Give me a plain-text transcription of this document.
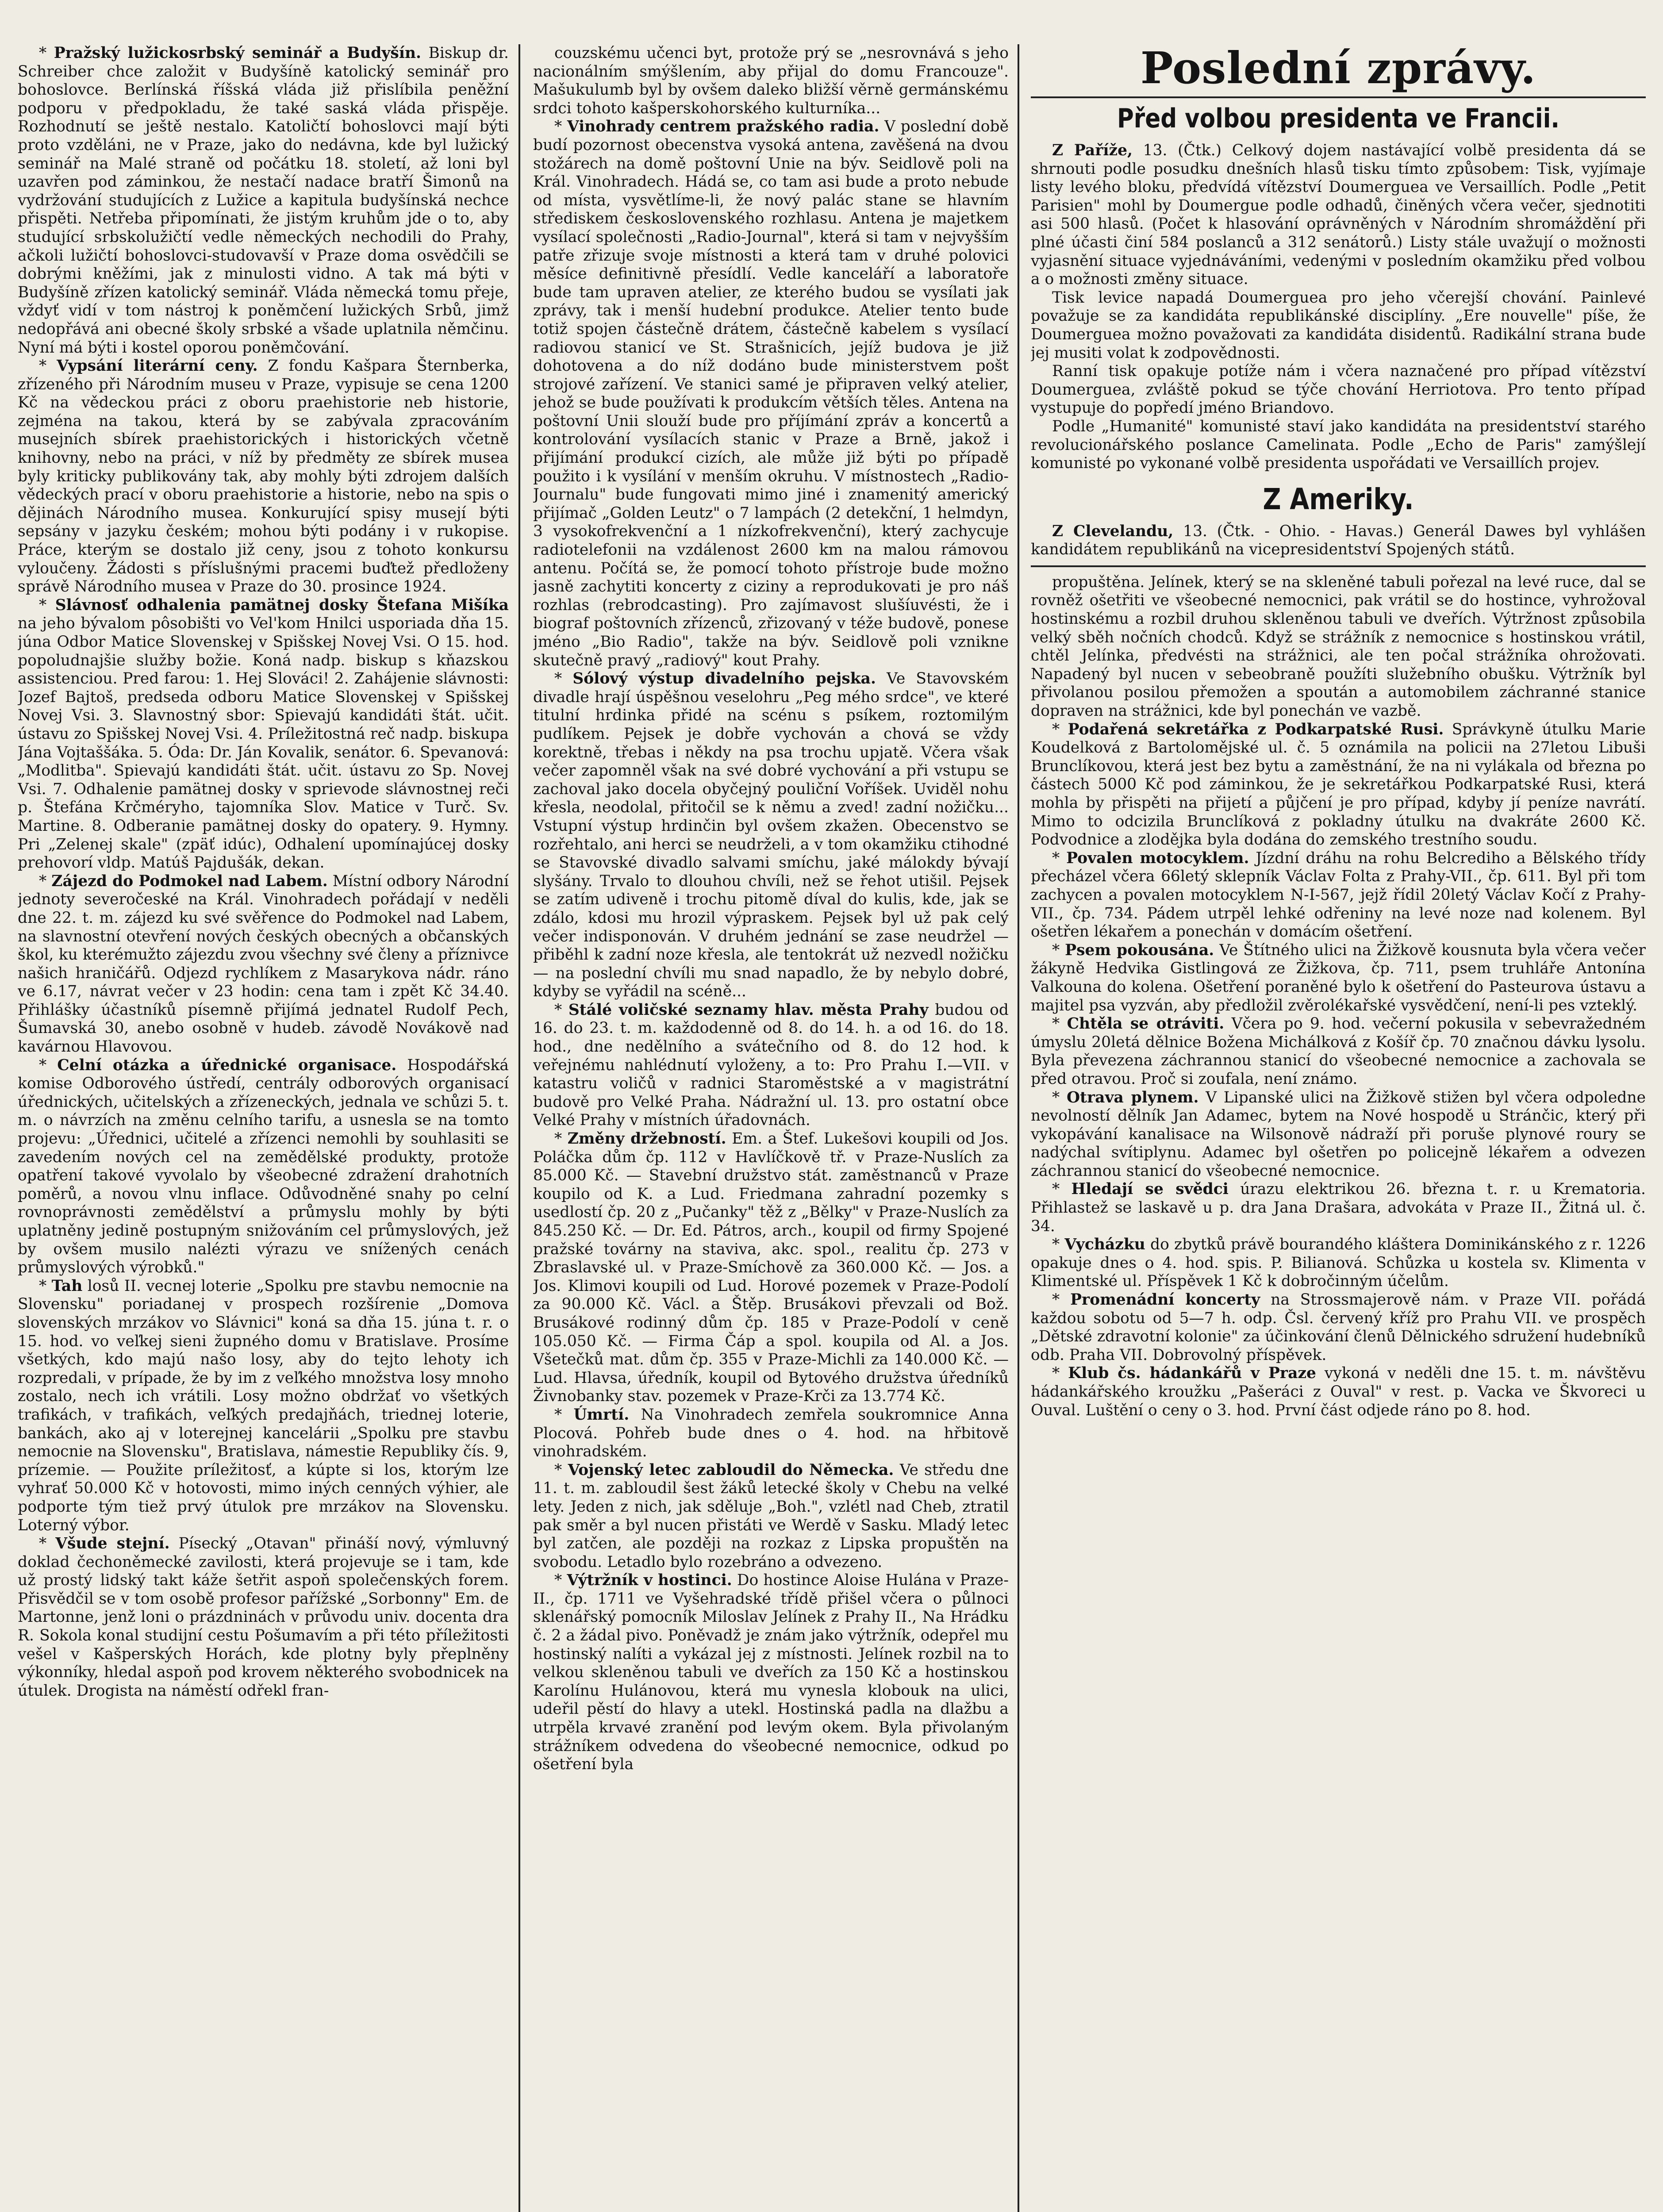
* Pražský lužickosrbský seminář a Budyšín. Biskup dr. Schreiber chce založit v Budyšíně katolický seminář pro bohoslovce. Berlínská říšská vláda již přislíbila peněžní podporu v předpokladu, že také saská vláda přispěje. Rozhodnutí se ještě nestalo. Katoličtí bohoslovci mají býti proto vzděláni, ne v Praze, jako do nedávna, kde byl lužický seminář na Malé straně od počátku 18. století, až loni byl uzavřen pod záminkou, že nestačí nadace bratří Šimonů na vydržování studujících z Lužice a kapitula budyšínská nechce přispěti. Netřeba připomínati, že jistým kruhům jde o to, aby studující srbskolužičtí vedle německých nechodili do Prahy, ačkoli lužičtí bohoslovci-studovavší v Praze doma osvědčili se dobrými kněžími, jak z minulosti vidno. A tak má býti v Budyšíně zřízen katolický seminář. Vláda německá tomu přeje, vždyť vidí v tom nástroj k poněmčení lužických Srbů, jimž nedopřává ani obecné školy srbské a všade uplatnila němčinu. Nyní má býti i kostel oporou poněmčování.

* Vypsání literární ceny. Z fondu Kašpara Šternberka, zřízeného při Národním museu v Praze, vypisuje se cena 1200 Kč na vědeckou práci z oboru praehistorie neb historie, zejména na takou, která by se zabývala zpracováním musejních sbírek praehistorických i historických včetně knihovny, nebo na práci, v níž by předměty ze sbírek musea byly kriticky publikovány tak, aby mohly býti zdrojem dalších vědeckých prací v oboru praehistorie a historie, nebo na spis o dějinách Národního musea. Konkurující spisy musejí býti sepsány v jazyku českém; mohou býti podány i v rukopise. Práce, kterým se dostalo již ceny, jsou z tohoto konkursu vyloučeny. Žádosti s příslušnými pracemi buďtež předloženy správě Národního musea v Praze do 30. prosince 1924.

* Slávnosť odhalenia pamätnej dosky Štefana Mišíka na jeho bývalom pôsobišti vo Vel'kom Hnilci usporiada dňa 15. júna Odbor Matice Slovenskej v Spišskej Novej Vsi. O 15. hod. popoludnajšie služby božie. Koná nadp. biskup s kňazskou assistenciou. Pred farou: 1. Hej Slováci! 2. Zahájenie slávnosti: Jozef Bajtoš, predseda odboru Matice Slovenskej v Spišskej Novej Vsi. 3. Slavnostný sbor: Spievajú kandidáti štát. učit. ústavu zo Spišskej Novej Vsi. 4. Príležitostná reč nadp. biskupa Jána Vojtaššáka. 5. Óda: Dr. Ján Kovalik, senátor. 6. Spevanová: „Modlitba". Spievajú kandidáti štát. učit. ústavu zo Sp. Novej Vsi. 7. Odhalenie pamätnej dosky v sprievode slávnostnej reči p. Štefána Krčméryho, tajomníka Slov. Matice v Turč. Sv. Martine. 8. Odberanie pamätnej dosky do opatery. 9. Hymny. Pri „Zelenej skale" (zpäť idúc), Odhalení upomínajúcej dosky prehovorí vldp. Matúš Pajdušák, dekan.

* Zájezd do Podmokel nad Labem. Místní odbory Národní jednoty severočeské na Král. Vinohradech pořádají v neděli dne 22. t. m. zájezd ku své svěřence do Podmokel nad Labem, na slavnostní otevření nových českých obecných a občanských škol, ku kterémužto zájezdu zvou všechny své členy a příznivce našich hraničářů. Odjezd rychlíkem z Masarykova nádr. ráno ve 6.17, návrat večer v 23 hodin: cena tam i zpět Kč 34.40. Přihlášky účastníků písemně přijímá jednatel Rudolf Pech, Šumavská 30, anebo osobně v hudeb. závodě Novákově nad kavárnou Hlavovou.

* Celní otázka a úřednické organisace. Hospodářská komise Odborového ústředí, centrály odborových organisací úřednických, učitelských a zřízeneckých, jednala ve schůzi 5. t. m. o návrzích na změnu celního tarifu, a usnesla se na tomto projevu: „Úřednici, učitelé a zřízenci nemohli by souhlasiti se zavedením nových cel na zemědělské produkty, protože opatření takové vyvolalo by všeobecné zdražení drahotních poměrů, a novou vlnu inflace. Odůvodněné snahy po celní rovnoprávnosti zemědělství a průmyslu mohly by býti uplatněny jedině postupným snižováním cel průmyslových, jež by ovšem musilo nalézti výrazu ve snížených cenách průmyslových výrobků."

* Tah losů II. vecnej loterie „Spolku pre stavbu nemocnie na Slovensku" poriadanej v prospech rozšírenie „Domova slovenských mrzákov vo Slávnici" koná sa dňa 15. júna t. r. o 15. hod. vo veľkej sieni župného domu v Bratislave. Prosíme všetkých, kdo majú našo losy, aby do tejto lehoty ich rozpredali, v prípade, že by im z veľkého množstva losy mnoho zostalo, nech ich vrátili. Losy možno obdržať vo všetkých trafikách, v trafikách, veľkých predajňách, triednej loterie, bankách, ako aj v loterejnej kancelárii „Spolku pre stavbu nemocnie na Slovensku", Bratislava, námestie Republiky čís. 9, prízemie. — Použite príležitosť, a kúpte si los, ktorým lze vyhrať 50.000 Kč v hotovosti, mimo iných cenných výhier, ale podporte tým tiež prvý útulok pre mrzákov na Slovensku. Loterný výbor.

* Všude stejní. Písecký „Otavan" přináší nový, výmluvný doklad čechoněmecké zavilosti, která projevuje se i tam, kde už prostý lidský takt káže šetřit aspoň společenských forem. Přisvědčil se v tom osobě profesor pařížské „Sorbonny" Em. de Martonne, jenž loni o prázdninách v průvodu univ. docenta dra R. Sokola konal studijní cestu Pošumavím a při této příležitosti vešel v Kašperských Horách, kde plotny byly přeplněny výkonníky, hledal aspoň pod krovem některého svobodnicek na útulek. Drogista na náměstí odřekl fran-

couzskému učenci byt, protože prý se „nesrovnává s jeho nacionálním smýšlením, aby přijal do domu Francouze". Mašukulumb byl by ovšem daleko bližší věrně germánskému srdci tohoto kašperskohorského kulturníka...

* Vinohrady centrem pražského radia. V poslední době budí pozornost obecenstva vysoká antena, zavěšená na dvou stožárech na domě poštovní Unie na býv. Seidlově poli na Král. Vinohradech. Hádá se, co tam asi bude a proto nebude od místa, vysvětlíme-li, že nový palác stane se hlavním střediskem československého rozhlasu. Antena je majetkem vysílací společnosti „Radio-Journal", která si tam v nejvyšším patře zřizuje svoje místnosti a která tam v druhé polovici měsíce definitivně přesídlí. Vedle kanceláří a laboratoře bude tam upraven atelier, ze kterého budou se vysílati jak zprávy, tak i menší hudební produkce. Atelier tento bude totiž spojen částečně drátem, částečně kabelem s vysílací radiovou stanicí ve St. Strašnicích, jejíž budova je již dohotovena a do níž dodáno bude ministerstvem pošt strojové zařízení. Ve stanici samé je připraven velký atelier, jehož se bude používati k produkcím větších těles. Antena na poštovní Unii slouží bude pro příjímání zpráv a koncertů a kontrolování vysílacích stanic v Praze a Brně, jakož i přijímání produkcí cizích, ale může již býti po případě použito i k vysílání v menším okruhu. V místnostech „Radio-Journalu" bude fungovati mimo jiné i znamenitý americký přijímač „Golden Leutz" o 7 lampách (2 detekční, 1 helmdyn, 3 vysokofrekvenční a 1 nízkofrekvenční), který zachycuje radiotelefonii na vzdálenost 2600 km na malou rámovou antenu. Počítá se, že pomocí tohoto přístroje bude možno jasně zachytiti koncerty z ciziny a reprodukovati je pro náš rozhlas (rebrodcasting). Pro zajímavost slušíuvésti, že i biograf poštovních zřízenců, zřizovaný v téže budově, ponese jméno „Bio Radio", takže na býv. Seidlově poli vznikne skutečně pravý „radiový" kout Prahy.

* Sólový výstup divadelního pejska. Ve Stavovském divadle hrají úspěšnou veselohru „Peg mého srdce", ve které titulní hrdinka přidé na scénu s psíkem, roztomilým pudlíkem. Pejsek je dobře vychován a chová se vždy korektně, třebas i někdy na psa trochu upjatě. Včera však večer zapomněl však na své dobré vychování a při vstupu se zachoval jako docela obyčejný pouliční Voříšek. Uviděl nohu křesla, neodolal, přitočil se k němu a zved! zadní nožičku... Vstupní výstup hrdinčin byl ovšem zkažen. Obecenstvo se rozřehtalo, ani herci se neudrželi, a v tom okamžiku ctihodné se Stavovské divadlo salvami smíchu, jaké málokdy bývají slyšány. Trvalo to dlouhou chvíli, než se řehot utišil. Pejsek se zatím udiveně i trochu pitomě díval do kulis, kde, jak se zdálo, kdosi mu hrozil výpraskem. Pejsek byl už pak celý večer indisponován. V druhém jednání se zase neudržel — přiběhl k zadní noze křesla, ale tentokrát už nezvedl nožičku — na poslední chvíli mu snad napadlo, že by nebylo dobré, kdyby se vyřádil na scéně...

* Stálé voličské seznamy hlav. města Prahy budou od 16. do 23. t. m. každodenně od 8. do 14. h. a od 16. do 18. hod., dne nedělního a svátečního od 8. do 12 hod. k veřejnému nahlédnutí vyloženy, a to: Pro Prahu I.—VII. v katastru voličů v radnici Staroměstské a v magistrátní budově pro Velké Praha. Nádražní ul. 13. pro ostatní obce Velké Prahy v místních úřadovnách.

* Změny držebností. Em. a Štef. Lukešovi koupili od Jos. Poláčka dům čp. 112 v Havlíčkově tř. v Praze-Nuslích za 85.000 Kč. — Stavební družstvo stát. zaměstnanců v Praze koupilo od K. a Lud. Friedmana zahradní pozemky s usedlostí čp. 20 z „Pučanky" těž z „Bělky" v Praze-Nuslích za 845.250 Kč. — Dr. Ed. Pátros, arch., koupil od firmy Spojené pražské továrny na staviva, akc. spol., realitu čp. 273 v Zbraslavské ul. v Praze-Smíchově za 360.000 Kč. — Jos. a Jos. Klimovi koupili od Lud. Horové pozemek v Praze-Podolí za 90.000 Kč. Václ. a Štěp. Brusákovi převzali od Bož. Brusákové rodinný dům čp. 185 v Praze-Podolí v ceně 105.050 Kč. — Firma Čáp a spol. koupila od Al. a Jos. Všetečků mat. dům čp. 355 v Praze-Michli za 140.000 Kč. — Lud. Hlavsa, úředník, koupil od Bytového družstva úředníků Živnobanky stav. pozemek v Praze-Krči za 13.774 Kč.

* Úmrtí. Na Vinohradech zemřela soukromnice Anna Plocová. Pohřeb bude dnes o 4. hod. na hřbitově vinohradském.

* Vojenský letec zabloudil do Německa. Ve středu dne 11. t. m. zabloudil šest žáků letecké školy v Chebu na velké lety. Jeden z nich, jak sděluje „Boh.", vzlétl nad Cheb, ztratil pak směr a byl nucen přistáti ve Werdě v Sasku. Mladý letec byl zatčen, ale později na rozkaz z Lipska propuštěn na svobodu. Letadlo bylo rozebráno a odvezeno.

* Výtržník v hostinci. Do hostince Aloise Hulána v Praze-II., čp. 1711 ve Vyšehradské třídě přišel včera o půlnoci sklenářský pomocník Miloslav Jelínek z Prahy II., Na Hrádku č. 2 a žádal pivo. Poněvadž je znám jako výtržník, odepřel mu hostinský nalíti a vykázal jej z místnosti. Jelínek rozbil na to velkou skleněnou tabuli ve dveřích za 150 Kč a hostinskou Karolínu Hulánovou, která mu vynesla klobouk na ulici, udeřil pěstí do hlavy a utekl. Hostinská padla na dlažbu a utrpěla krvavé zranění pod levým okem. Byla přivolaným strážníkem odvedena do všeobecné nemocnice, odkud po ošetření byla

Poslední zprávy.
Před volbou presidenta ve Francii.

Z Paříže, 13. (Čtk.) Celkový dojem nastávající volbě presidenta dá se shrnouti podle posudku dnešních hlasů tisku tímto způsobem: Tisk, vyjímaje listy levého bloku, předvídá vítězství Doumerguea ve Versaillích. Podle „Petit Parisien" mohl by Doumergue podle odhadů, činěných včera večer, sjednotiti asi 500 hlasů. (Počet k hlasování oprávněných v Národním shromáždění při plné účasti činí 584 poslanců a 312 senátorů.) Listy stále uvažují o možnosti vyjasnění situace vyjednáváními, vedenými v posledním okamžiku před volbou a o možnosti změny situace.

Tisk levice napadá Doumerguea pro jeho včerejší chování. Painlevé považuje se za kandidáta republikánské disciplíny. „Ere nouvelle" píše, že Doumerguea možno považovati za kandidáta disidentů. Radikální strana bude jej musiti volat k zodpovědnosti.

Ranní tisk opakuje potíže nám i včera naznačené pro případ vítězství Doumerguea, zvláště pokud se týče chování Herriotova. Pro tento případ vystupuje do popředí jméno Briandovo.

Podle „Humanité" komunisté staví jako kandidáta na presidentství starého revolucionářského poslance Camelinata. Podle „Echo de Paris" zamýšlejí komunisté po vykonané volbě presidenta uspořádati ve Versaillích projev.

Z Ameriky.

Z Clevelandu, 13. (Čtk. - Ohio. - Havas.) Generál Dawes byl vyhlášen kandidátem republikánů na vicepresidentství Spojených států.

propuštěna. Jelínek, který se na skleněné tabuli pořezal na levé ruce, dal se rovněž ošetřiti ve všeobecné nemocnici, pak vrátil se do hostince, vyhrožoval hostinskému a rozbil druhou skleněnou tabuli ve dveřích. Výtržnost způsobila velký sběh nočních chodců. Když se strážník z nemocnice s hostinskou vrátil, chtěl Jelínka, předvésti na strážnici, ale ten počal strážníka ohrožovati. Napadený byl nucen v sebeobraně použíti služebního obušku. Výtržník byl přivolanou posilou přemožen a spoután a automobilem záchranné stanice dopraven na strážnici, kde byl ponechán ve vazbě.

* Podařená sekretářka z Podkarpatské Rusi. Správkyně útulku Marie Koudelková z Bartolomějské ul. č. 5 oznámila na policii na 27letou Libuši Brunclíkovou, která jest bez bytu a zaměstnání, že na ni vylákala od března po částech 5000 Kč pod záminkou, že je sekretářkou Podkarpatské Rusi, která mohla by přispěti na přijetí a půjčení je pro případ, kdyby jí peníze navrátí. Mimo to odcizila Brunclíková z pokladny útulku na dvakráte 2600 Kč. Podvodnice a zlodějka byla dodána do zemského trestního soudu.

* Povalen motocyklem. Jízdní dráhu na rohu Belcrediho a Bělského třídy přecházel včera 66letý sklepník Václav Folta z Prahy-VII., čp. 611. Byl při tom zachycen a povalen motocyklem N-I-567, jejž řídil 20letý Václav Kočí z Prahy-VII., čp. 734. Pádem utrpěl lehké odřeniny na levé noze nad kolenem. Byl ošetřen lékařem a ponechán v domácím ošetření.

* Psem pokousána. Ve Štítného ulici na Žižkově kousnuta byla včera večer žákyně Hedvika Gistlingová ze Žižkova, čp. 711, psem truhláře Antonína Valkouna do kolena. Ošetření poraněné bylo k ošetření do Pasteurova ústavu a majitel psa vyzván, aby předložil zvěrolékařské vysvědčení, není-li pes vzteklý.

* Chtěla se otráviti. Včera po 9. hod. večerní pokusila v sebevražedném úmyslu 20letá dělnice Božena Michálková z Košíř čp. 70 značnou dávku lysolu. Byla převezena záchrannou stanicí do všeobecné nemocnice a zachovala se před otravou. Proč si zoufala, není známo.

* Otrava plynem. V Lipanské ulici na Žižkově stižen byl včera odpoledne nevolností dělník Jan Adamec, bytem na Nové hospodě u Stránčic, který při vykopávání kanalisace na Wilsonově nádraží při poruše plynové roury se nadýchal svítiplynu. Adamec byl ošetřen po policejně lékařem a odvezen záchrannou stanicí do všeobecné nemocnice.

* Hledají se svědci úrazu elektrikou 26. března t. r. u Krematoria. Přihlastež se laskavě u p. dra Jana Drašara, advokáta v Praze II., Žitná ul. č. 34.

* Vycházku do zbytků právě bourandého kláštera Dominikánského z r. 1226 opakuje dnes o 4. hod. spis. P. Bilianová. Schůzka u kostela sv. Klimenta v Klimentské ul. Příspěvek 1 Kč k dobročinným účelům.

* Promenádní koncerty na Strossmajerově nám. v Praze VII. pořádá každou sobotu od 5—7 h. odp. Čsl. červený kříž pro Prahu VII. ve prospěch „Dětské zdravotní kolonie" za účinkování členů Dělnického sdružení hudebníků odb. Praha VII. Dobrovolný příspěvek.

* Klub čs. hádankářů v Praze vykoná v neděli dne 15. t. m. návštěvu hádankářského kroužku „Pašeráci z Ouval" v rest. p. Vacka ve Škvoreci u Ouval. Luštění o ceny o 3. hod. První část odjede ráno po 8. hod.
